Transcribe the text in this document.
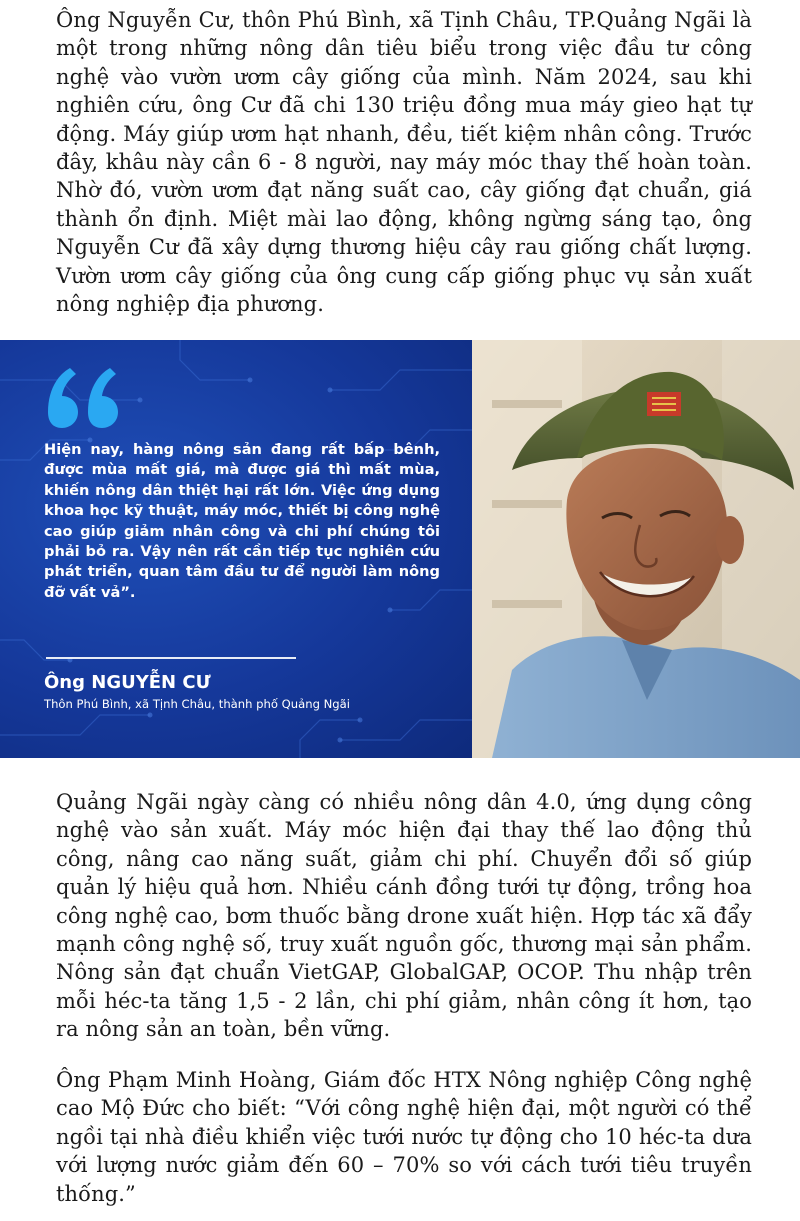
Ông Nguyễn Cư, thôn Phú Bình, xã Tịnh Châu, TP.Quảng Ngãi là một trong những nông dân tiêu biểu trong việc đầu tư công nghệ vào vườn ươm cây giống của mình. Năm 2024, sau khi nghiên cứu, ông Cư đã chi 130 triệu đồng mua máy gieo hạt tự động. Máy giúp ươm hạt nhanh, đều, tiết kiệm nhân công. Trước đây, khâu này cần 6 - 8 người, nay máy móc thay thế hoàn toàn. Nhờ đó, vườn ươm đạt năng suất cao, cây giống đạt chuẩn, giá thành ổn định. Miệt mài lao động, không ngừng sáng tạo, ông Nguyễn Cư đã xây dựng thương hiệu cây rau giống chất lượng. Vườn ươm cây giống của ông cung cấp giống phục vụ sản xuất nông nghiệp địa phương.

Hiện nay, hàng nông sản đang rất bấp bênh, được mùa mất giá, mà được giá thì mất mùa, khiến nông dân thiệt hại rất lớn. Việc ứng dụng khoa học kỹ thuật, máy móc, thiết bị công nghệ cao giúp giảm nhân công và chi phí chúng tôi phải bỏ ra. Vậy nên rất cần tiếp tục nghiên cứu phát triển, quan tâm đầu tư để người làm nông đỡ vất vả”.

Ông NGUYỄN CƯ
Thôn Phú Bình, xã Tịnh Châu, thành phố Quảng Ngãi

Quảng Ngãi ngày càng có nhiều nông dân 4.0, ứng dụng công nghệ vào sản xuất. Máy móc hiện đại thay thế lao động thủ công, nâng cao năng suất, giảm chi phí. Chuyển đổi số giúp quản lý hiệu quả hơn. Nhiều cánh đồng tưới tự động, trồng hoa công nghệ cao, bơm thuốc bằng drone xuất hiện. Hợp tác xã đẩy mạnh công nghệ số, truy xuất nguồn gốc, thương mại sản phẩm. Nông sản đạt chuẩn VietGAP, GlobalGAP, OCOP. Thu nhập trên mỗi héc-ta tăng 1,5 - 2 lần, chi phí giảm, nhân công ít hơn, tạo ra nông sản an toàn, bền vững.

Ông Phạm Minh Hoàng, Giám đốc HTX Nông nghiệp Công nghệ cao Mộ Đức cho biết: “Với công nghệ hiện đại, một người có thể ngồi tại nhà điều khiển việc tưới nước tự động cho 10 héc-ta dưa với lượng nước giảm đến 60 – 70% so với cách tưới tiêu truyền thống.”
